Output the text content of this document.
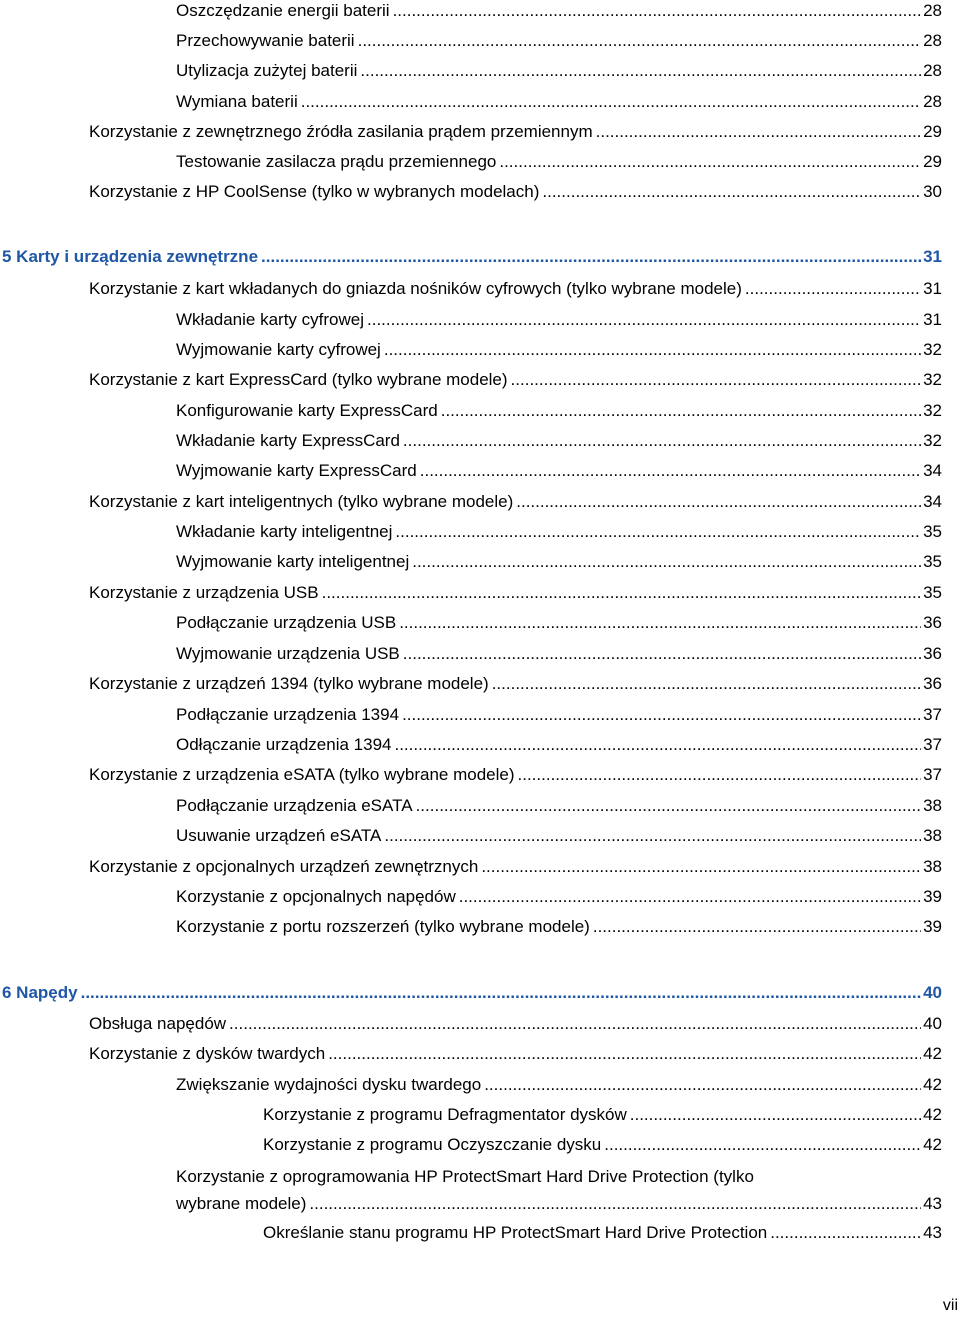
Oszczędzanie energii baterii .....	28
Przechowywanie baterii .....	28
Utylizacja zużytej baterii .....	28
Wymiana baterii .....	28
Korzystanie z zewnętrznego źródła zasilania prądem przemiennym .....	29
Testowanie zasilacza prądu przemiennego .....	29
Korzystanie z HP CoolSense (tylko w wybranych modelach) .....	30
5 Karty i urządzenia zewnętrzne .....	31
Korzystanie z kart wkładanych do gniazda nośników cyfrowych (tylko wybrane modele) .....	31
Wkładanie karty cyfrowej .....	31
Wyjmowanie karty cyfrowej .....	32
Korzystanie z kart ExpressCard (tylko wybrane modele) .....	32
Konfigurowanie karty ExpressCard .....	32
Wkładanie karty ExpressCard .....	32
Wyjmowanie karty ExpressCard .....	34
Korzystanie z kart inteligentnych (tylko wybrane modele) .....	34
Wkładanie karty inteligentnej .....	35
Wyjmowanie karty inteligentnej .....	35
Korzystanie z urządzenia USB .....	35
Podłączanie urządzenia USB .....	36
Wyjmowanie urządzenia USB .....	36
Korzystanie z urządzeń 1394 (tylko wybrane modele) .....	36
Podłączanie urządzenia 1394 .....	37
Odłączanie urządzenia 1394 .....	37
Korzystanie z urządzenia eSATA (tylko wybrane modele) .....	37
Podłączanie urządzenia eSATA .....	38
Usuwanie urządzeń eSATA .....	38
Korzystanie z opcjonalnych urządzeń zewnętrznych .....	38
Korzystanie z opcjonalnych napędów .....	39
Korzystanie z portu rozszerzeń (tylko wybrane modele) .....	39
6 Napędy .....	40
Obsługa napędów .....	40
Korzystanie z dysków twardych .....	42
Zwiększanie wydajności dysku twardego .....	42
Korzystanie z programu Defragmentator dysków .....	42
Korzystanie z programu Oczyszczanie dysku .....	42
Korzystanie z oprogramowania HP ProtectSmart Hard Drive Protection (tylko
wybrane modele) .....	43
Określanie stanu programu HP ProtectSmart Hard Drive Protection .....	43
vii
